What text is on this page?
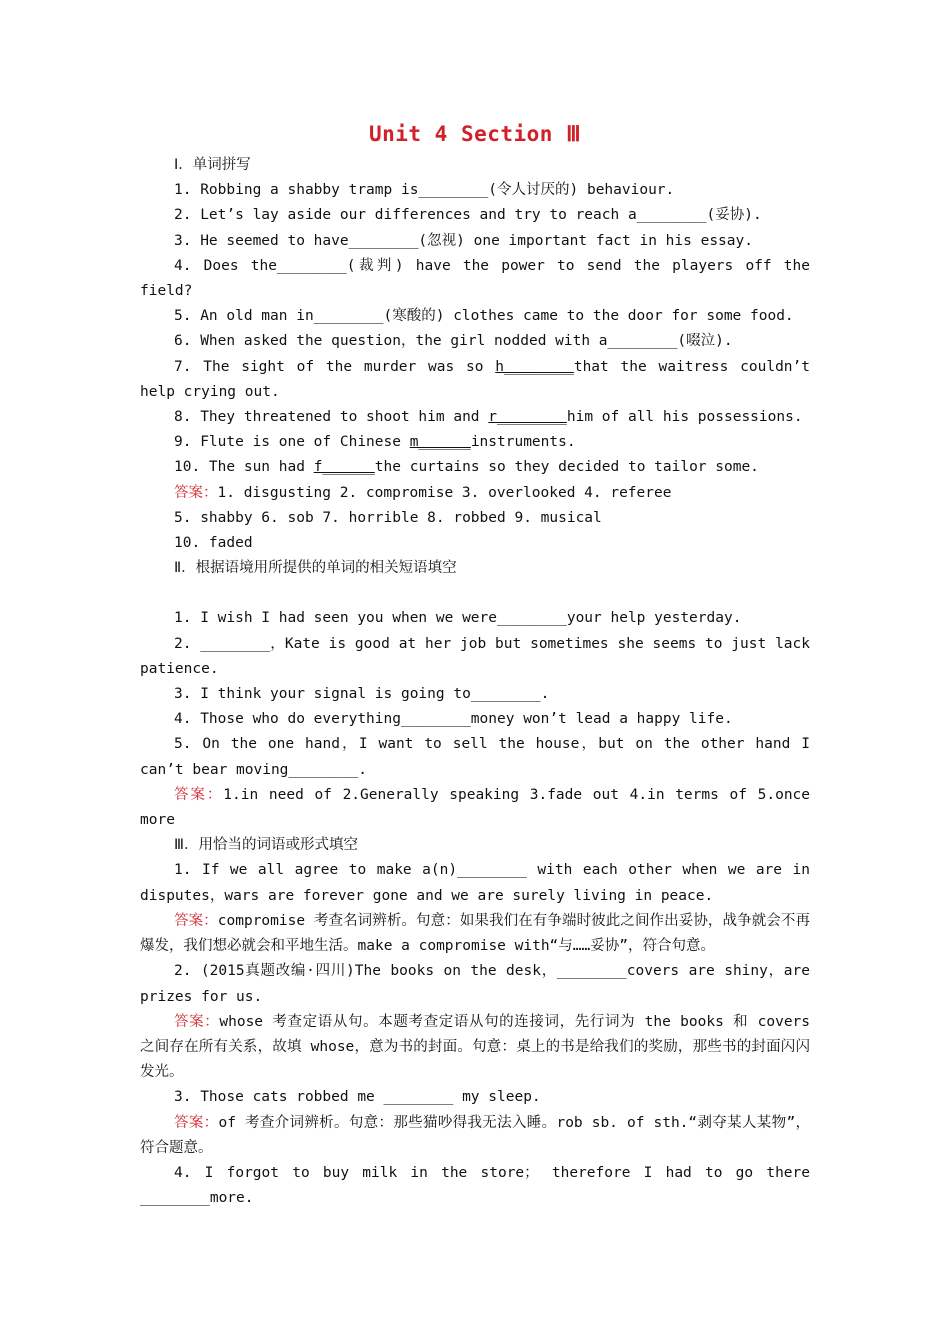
Unit 4 Section Ⅲ

Ⅰ．单词拼写

1. Robbing a shabby tramp is________(令人讨厌的) behaviour.

2. Let’s lay aside our differences and try to reach a________(妥协).

3. He seemed to have________(忽视) one important fact in his essay.

4. Does the________(裁判) have the power to send the players off the field?

5. An old man in________(寒酸的) clothes came to the door for some food.

6. When asked the question，the girl nodded with a________(啜泣).

7. The sight of the murder was so h________that the waitress couldn’t help crying out.

8. They threatened to shoot him and r________him of all his possessions.

9. Flute is one of Chinese m______instruments.

10. The sun had f______the curtains so they decided to tailor some.

答案：1. disgusting 2. compromise 3. overlooked 4. referee

5. shabby 6. sob 7. horrible 8. robbed 9. musical

10. faded

Ⅱ．根据语境用所提供的单词的相关短语填空

1. I wish I had seen you when we were________your help yesterday.

2. ________，Kate is good at her job but sometimes she seems to just lack patience.

3. I think your signal is going to________.

4. Those who do everything________money won’t lead a happy life.

5. On the one hand，I want to sell the house，but on the other hand I can’t bear moving________.

答案：1.in need of 2.Generally speaking 3.fade out 4.in terms of 5.once more

Ⅲ．用恰当的词语或形式填空

1. If we all agree to make a(n)________ with each other when we are in disputes，wars are forever gone and we are surely living in peace.

答案：compromise 考查名词辨析。句意：如果我们在有争端时彼此之间作出妥协，战争就会不再爆发，我们想必就会和平地生活。make a compromise with“与……妥协”，符合句意。

2. (2015真题改编·四川)The books on the desk，________covers are shiny，are prizes for us.

答案：whose 考查定语从句。本题考查定语从句的连接词，先行词为 the books 和 covers 之间存在所有关系，故填 whose，意为书的封面。句意：桌上的书是给我们的奖励，那些书的封面闪闪发光。

3. Those cats robbed me ________ my sleep.

答案：of 考查介词辨析。句意：那些猫吵得我无法入睡。rob sb. of sth.“剥夺某人某物”，符合题意。

4. I forgot to buy milk in the store； therefore I had to go there ________more.
